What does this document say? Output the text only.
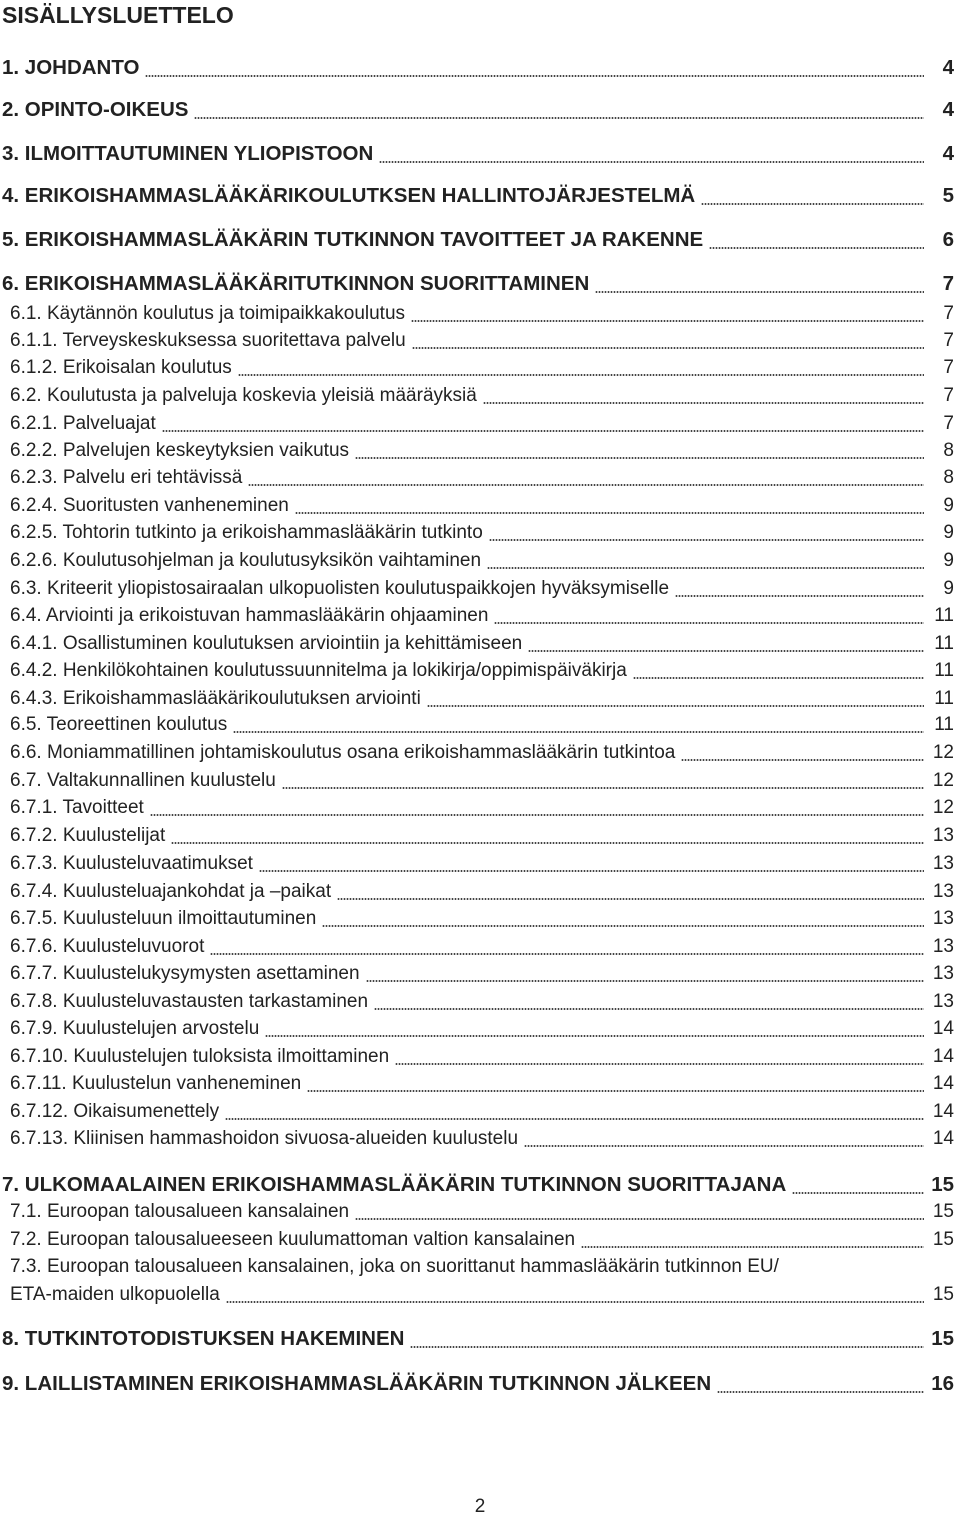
SISÄLLYSLUETTELO
1. JOHDANTO	4
2. OPINTO-OIKEUS	4
3. ILMOITTAUTUMINEN YLIOPISTOON	4
4. ERIKOISHAMMASLÄÄKÄRIKOULUTKSEN HALLINTOJÄRJESTELMÄ	5
5. ERIKOISHAMMASLÄÄKÄRIN TUTKINNON TAVOITTEET JA RAKENNE	6
6. ERIKOISHAMMASLÄÄKÄRITUTKINNON SUORITTAMINEN	7
6.1. Käytännön koulutus ja toimipaikkakoulutus	7
6.1.1. Terveyskeskuksessa suoritettava palvelu	7
6.1.2. Erikoisalan koulutus	7
6.2. Koulutusta ja palveluja koskevia yleisiä määräyksiä	7
6.2.1. Palveluajat	7
6.2.2. Palvelujen keskeytyksien vaikutus	8
6.2.3. Palvelu eri tehtävissä	8
6.2.4. Suoritusten vanheneminen	9
6.2.5. Tohtorin tutkinto ja erikoishammaslääkärin tutkinto	9
6.2.6. Koulutusohjelman ja koulutusyksikön vaihtaminen	9
6.3. Kriteerit yliopistosairaalan ulkopuolisten koulutuspaikkojen hyväksymiselle	9
6.4. Arviointi ja erikoistuvan hammaslääkärin ohjaaminen	11
6.4.1. Osallistuminen koulutuksen arviointiin ja kehittämiseen	11
6.4.2. Henkilökohtainen koulutussuunnitelma ja lokikirja/oppimispäiväkirja	11
6.4.3. Erikoishammaslääkärikoulutuksen arviointi	11
6.5. Teoreettinen koulutus	11
6.6. Moniammatillinen johtamiskoulutus osana erikoishammaslääkärin tutkintoa	12
6.7. Valtakunnallinen kuulustelu	12
6.7.1. Tavoitteet	12
6.7.2. Kuulustelijat	13
6.7.3. Kuulusteluvaatimukset	13
6.7.4. Kuulusteluajankohdat ja –paikat	13
6.7.5. Kuulusteluun ilmoittautuminen	13
6.7.6. Kuulusteluvuorot	13
6.7.7. Kuulustelukysymysten asettaminen	13
6.7.8. Kuulusteluvastausten tarkastaminen	13
6.7.9. Kuulustelujen arvostelu	14
6.7.10. Kuulustelujen tuloksista ilmoittaminen	14
6.7.11. Kuulustelun vanheneminen	14
6.7.12. Oikaisumenettely	14
6.7.13. Kliinisen hammashoidon sivuosa-alueiden kuulustelu	14
7. ULKOMAALAINEN ERIKOISHAMMASLÄÄKÄRIN TUTKINNON SUORITTAJANA	15
7.1. Euroopan talousalueen kansalainen	15
7.2. Euroopan talousalueeseen kuulumattoman valtion kansalainen	15
7.3. Euroopan talousalueen kansalainen, joka on suorittanut hammaslääkärin tutkinnon EU/
ETA-maiden ulkopuolella	15
8. TUTKINTOTODISTUKSEN HAKEMINEN	15
9. LAILLISTAMINEN ERIKOISHAMMASLÄÄKÄRIN TUTKINNON JÄLKEEN	16
2
